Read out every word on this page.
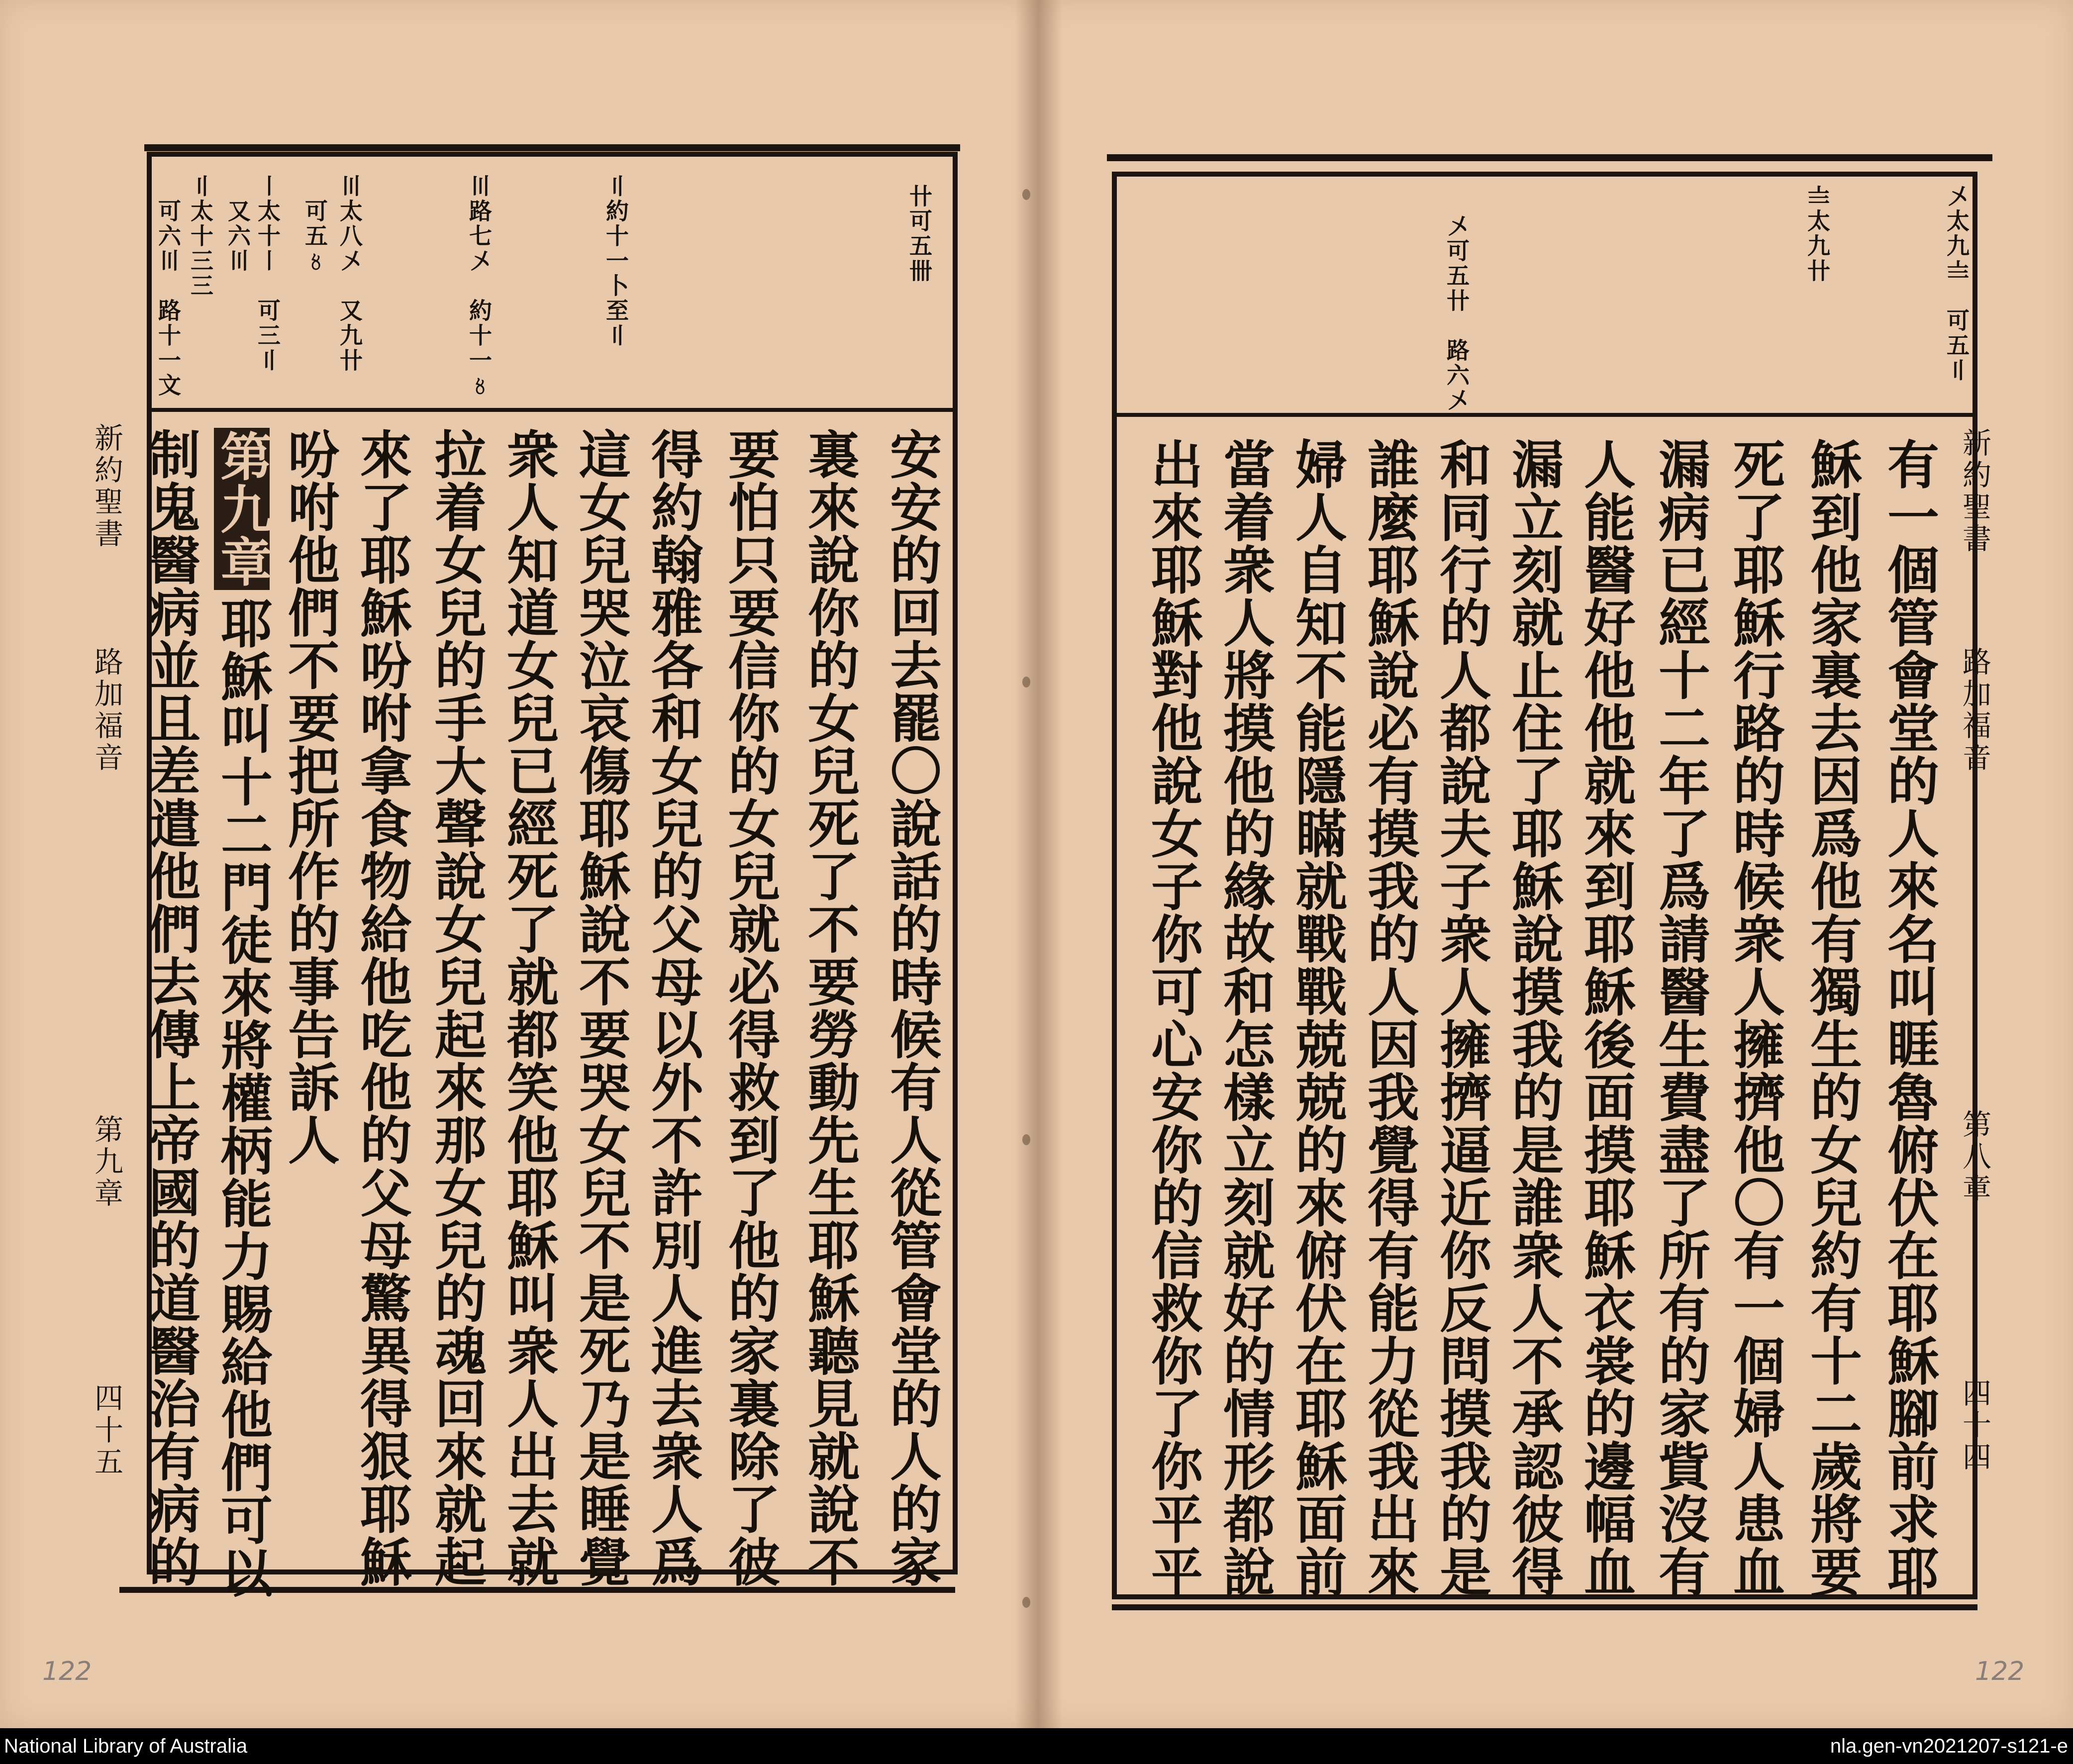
卄可五卌
〢約十一卜至〢
〣路七〤　約十一〥
〣太八〤　又九卄
　可五〥
〡太十〡　可三〢
　又六〣
〢太十三三
　可六〣　路十一文
安安的回去罷〇說話的時候有人從管會堂的人的家
裏來說你的女兒死了不要勞動先生耶穌聽見就說不
要怕只要信你的女兒就必得救到了他的家裏除了彼
得約翰雅各和女兒的父母以外不許別人進去衆人爲
這女兒哭泣哀傷耶穌說不要哭女兒不是死乃是睡覺
衆人知道女兒已經死了就都笑他耶穌叫衆人出去就
拉着女兒的手大聲說女兒起來那女兒的魂回來就起
來了耶穌吩咐拿食物給他吃他的父母驚異得狠耶穌
吩咐他們不要把所作的事告訴人
第九章
耶穌叫十二門徒來將權柄能力賜給他們可以
制鬼醫病並且差遣他們去傳上帝國的道醫治有病的
新約聖書
路加福音
第九章
四十五
122
〤太九〨　可五〢
〨太九卄
〤可五卄　路六〤
新約聖書
路加福音
第八章
四十四
有一個管會堂的人來名叫睚魯俯伏在耶穌腳前求耶
穌到他家裏去因爲他有獨生的女兒約有十二歲將要
死了耶穌行路的時候衆人擁擠他〇有一個婦人患血
漏病已經十二年了爲請醫生費盡了所有的家貲沒有
人能醫好他他就來到耶穌後面摸耶穌衣裳的邊幅血
漏立刻就止住了耶穌說摸我的是誰衆人不承認彼得
和同行的人都說夫子衆人擁擠逼近你反問摸我的是
誰麼耶穌說必有摸我的人因我覺得有能力從我出來
婦人自知不能隱瞞就戰戰兢兢的來俯伏在耶穌面前
當着衆人將摸他的緣故和怎樣立刻就好的情形都說
出來耶穌對他說女子你可心安你的信救你了你平平
122
National Library of Australia	nla.gen-vn2021207-s121-e
